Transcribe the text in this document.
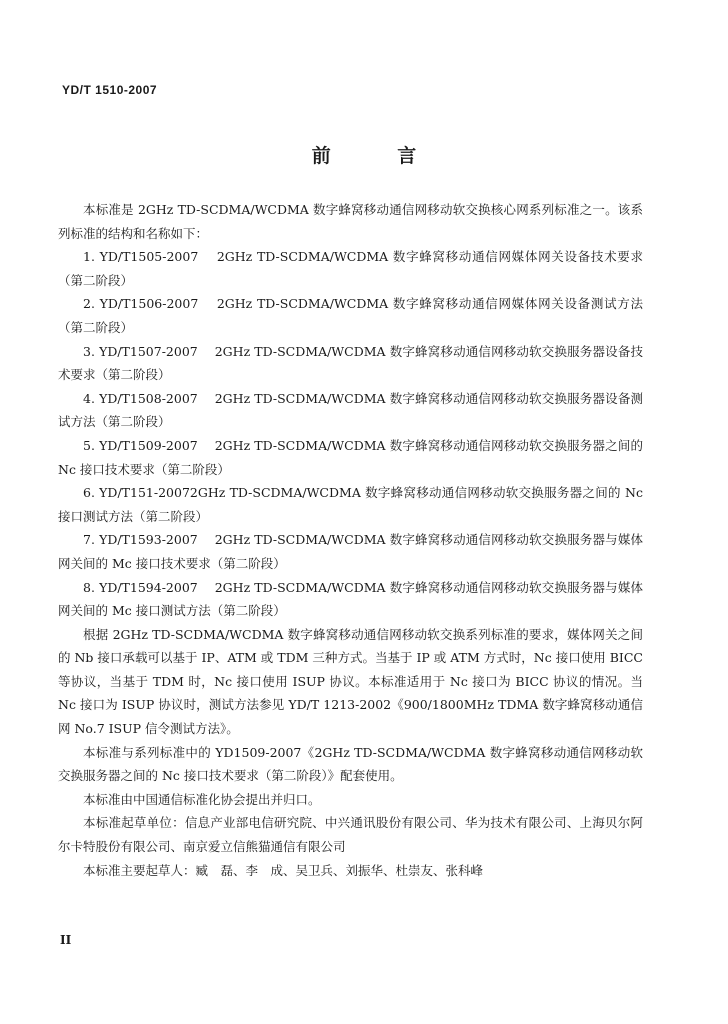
YD/T 1510-2007
前 言

本标准是 2GHz TD-SCDMA/WCDMA 数字蜂窝移动通信网移动软交换核心网系列标准之一。该系列标准的结构和名称如下：

1. YD/T1505-2007　 2GHz TD-SCDMA/WCDMA 数字蜂窝移动通信网媒体网关设备技术要求（第二阶段）

2. YD/T1506-2007　 2GHz TD-SCDMA/WCDMA 数字蜂窝移动通信网媒体网关设备测试方法（第二阶段）

3. YD/T1507-2007　 2GHz TD-SCDMA/WCDMA 数字蜂窝移动通信网移动软交换服务器设备技术要求（第二阶段）

4. YD/T1508-2007　 2GHz TD-SCDMA/WCDMA 数字蜂窝移动通信网移动软交换服务器设备测试方法（第二阶段）

5. YD/T1509-2007　 2GHz TD-SCDMA/WCDMA 数字蜂窝移动通信网移动软交换服务器之间的 Nc 接口技术要求（第二阶段）

6. YD/T151-20072GHz TD-SCDMA/WCDMA 数字蜂窝移动通信网移动软交换服务器之间的 Nc 接口测试方法（第二阶段）

7. YD/T1593-2007　 2GHz TD-SCDMA/WCDMA 数字蜂窝移动通信网移动软交换服务器与媒体网关间的 Mc 接口技术要求（第二阶段）

8. YD/T1594-2007　 2GHz TD-SCDMA/WCDMA 数字蜂窝移动通信网移动软交换服务器与媒体网关间的 Mc 接口测试方法（第二阶段）

根据 2GHz TD-SCDMA/WCDMA 数字蜂窝移动通信网移动软交换系列标准的要求，媒体网关之间的 Nb 接口承载可以基于 IP、ATM 或 TDM 三种方式。当基于 IP 或 ATM 方式时，Nc 接口使用 BICC 等协议，当基于 TDM 时，Nc 接口使用 ISUP 协议。本标准适用于 Nc 接口为 BICC 协议的情况。当 Nc 接口为 ISUP 协议时，测试方法参见 YD/T 1213-2002《900/1800MHz TDMA 数字蜂窝移动通信网 No.7 ISUP 信令测试方法》。

本标准与系列标准中的 YD1509-2007《2GHz TD-SCDMA/WCDMA 数字蜂窝移动通信网移动软交换服务器之间的 Nc 接口技术要求（第二阶段）》配套使用。

本标准由中国通信标准化协会提出并归口。

本标准起草单位：信息产业部电信研究院、中兴通讯股份有限公司、华为技术有限公司、上海贝尔阿尔卡特股份有限公司、南京爱立信熊猫通信有限公司

本标准主要起草人：臧　磊、李　成、吴卫兵、刘振华、杜崇友、张科峰

II
